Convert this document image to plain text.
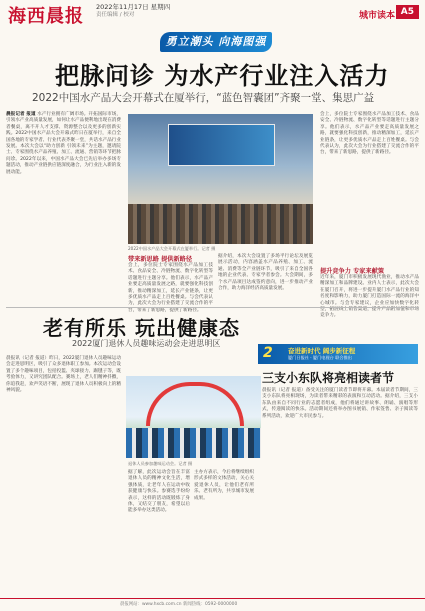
海西晨报 2022年11月17日 星期四
责任编辑 / 校对	城市读本 A5
勇立潮头 向海图强
把脉问诊 为水产行业注入活力
2022中国水产品大会开幕式在厦举行，“蓝色智囊团”齐聚一堂、集思广益
晨报记者 报道 水产行业拥有广阔市场。开拓国际市场，引领水产业高质量发展，如何让水产品便利地出现在消费者餐桌，离不开人才支撑、资源整合以及更多的创新实践。2022中国水产品大会开幕式昨日在厦举行，来自全国各地的专家学者、行业代表齐聚一堂，共话水产品行业发展。本次大会以“助力创新 引领未来”为主题，邀请院士、专家围绕水产品养殖、加工、流通、营销等环节把脉问诊。2022年以来，中国水产品大会已先后举办多场专题活动，推动产业链供应链深度融合，为行业注入新的发展动能。
2022中国水产品大会开幕式在厦举行。记者 摄
带来新思路 提供新路径
会上，多位院士专家围绕水产品加工技术、食品安全、冷链物流、数字化转型等话题进行主题分享。他们表示，水产品产业要走高质量发展之路，就要强化科技创新，推动精深加工，延长产业链条，让更多优质水产品走上百姓餐桌。与会代表认为，此次大会为行业搭建了交流合作的平台，带来了新思路，提供了新路径。
据介绍，本次大会设置了多场平行论坛及展览展示活动，内容涵盖水产品养殖、加工、流通、消费等全产业链环节，吸引了来自全国各地的企业代表、专家学者参会。大会期间，多个水产品项目达成签约意向，进一步推动产业合作，助力海洋经济高质量发展。
会上，多位院士专家围绕水产品加工技术、食品安全、冷链物流、数字化转型等话题进行主题分享。他们表示，水产品产业要走高质量发展之路，就要强化科技创新，推动精深加工，延长产业链条，让更多优质水产品走上百姓餐桌。与会代表认为，此次大会为行业搭建了交流合作的平台，带来了新思路，提供了新路径。
提升竞争力 专家来献策
近年来，厦门市积极发展现代渔业，推动水产品精深加工和品牌建设。业内人士表示，此次大会在厦门召开，将进一步提升厦门水产品行业的知名度和影响力，助力厦门打造国际一流的海洋中心城市。与会专家建议，企业应加快数字化转型，拓展线上销售渠道，提升产品附加值和市场竞争力。
老有所乐 玩出健康态
2022厦门退休人员趣味运动会走进思明区
晨报讯（记者 报道）昨日，2022厦门退休人员趣味运动会走进思明区，吸引了众多退休职工参加。本次运动会设置了多个趣味项目，包括投篮、夹球接力、踢毽子等，既考验体力，又讲究团队配合。赛场上，老人们精神抖擞，你追我赶，欢声笑语不断，展现了退休人员积极向上的精神风貌。
退休人员参加趣味运动会。记者 摄
据了解，此次运动会旨在丰富退休人员的精神文化生活，增强体质，让老年人在运动中收获健康与快乐。参赛选手纷纷表示，这样的活动既锻炼了身体，又结交了朋友，希望以后能多举办这类活动。
主办方表示，今后将继续组织形式多样的文体活动，关心关爱退休人员，让他们老有所乐、老有所为，共享城市发展成果。
2 奋进新时代 阔步新征程
厦门日报社 · 厦门电视台 联合推出
三支小东队将亮相读者节
晨报讯（记者 报道）备受关注的厦门读者节即将开幕。本届读者节期间，三支小东队将亮相现场，为读者带来精彩的表演和互动活动。据介绍，三支小东队由来自不同行业的志愿者组成，他们将通过讲故事、朗诵、演唱等形式，传递阅读的快乐。活动期间还将举办图书展销、作家签售、亲子阅读等系列活动，欢迎广大市民参与。
晨报网站：www.hxcb.com.cn 新闻热线：0592-0000000
